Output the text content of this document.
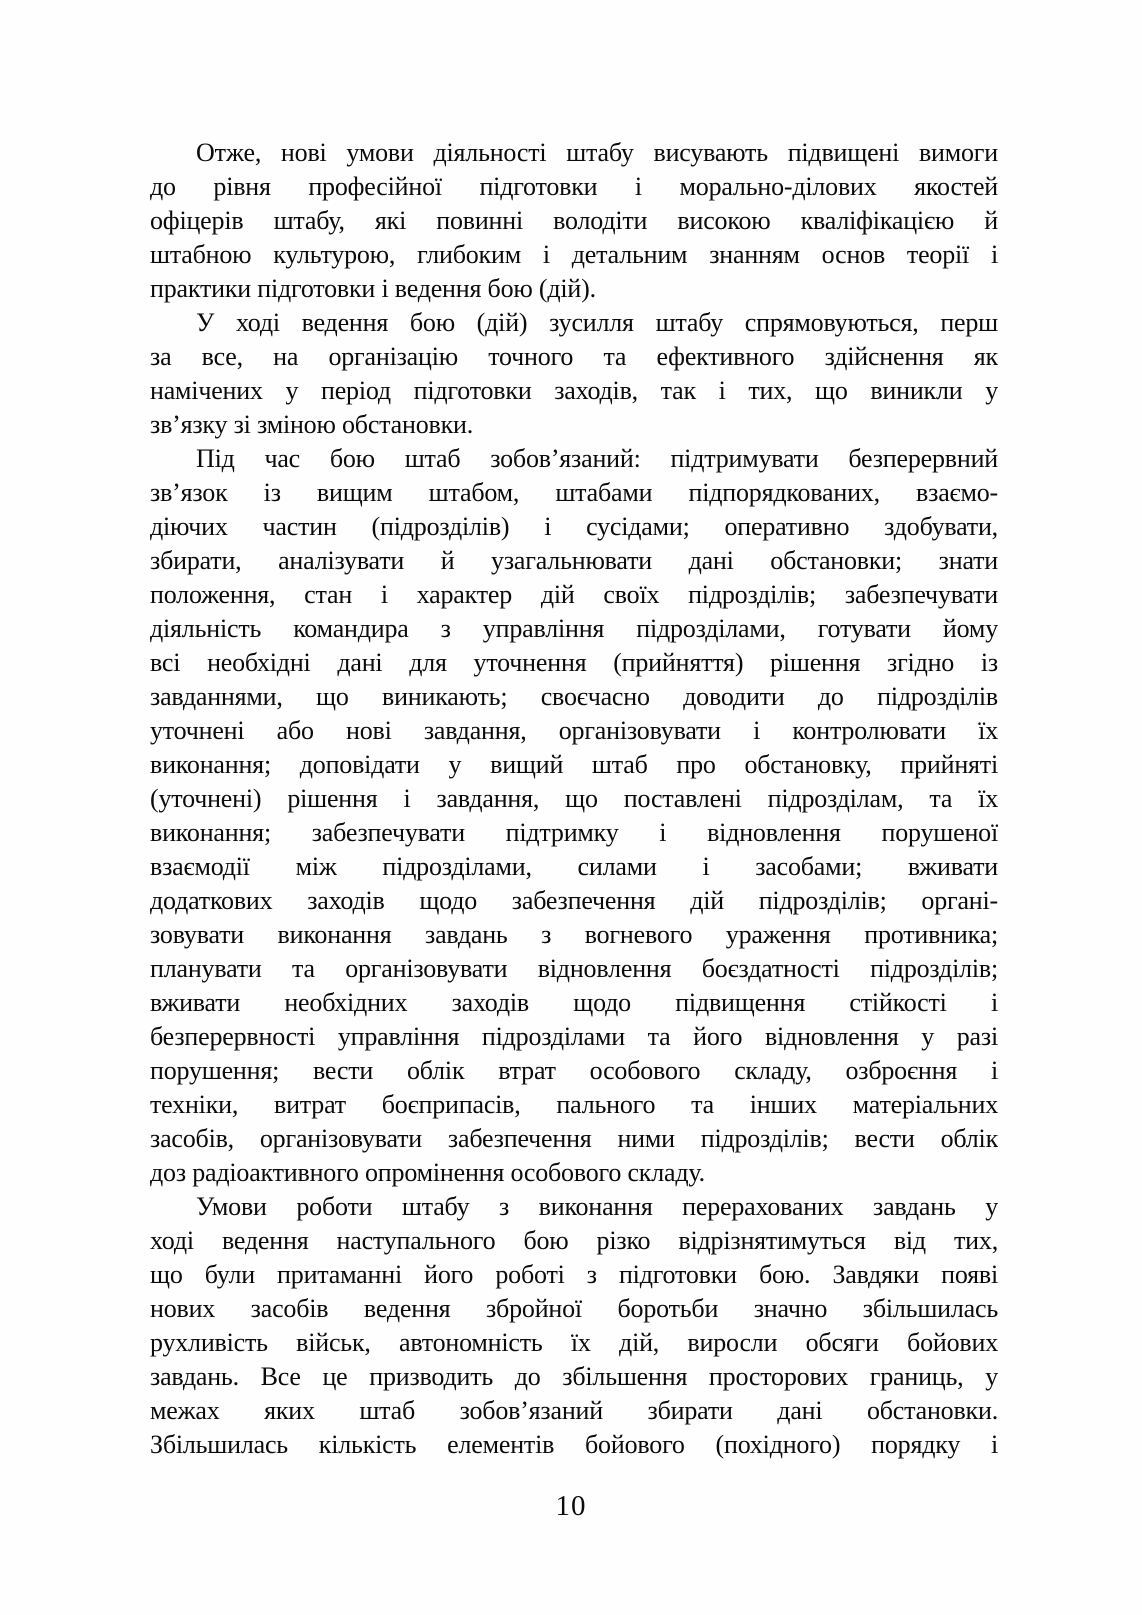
Отже, нові умови діяльності штабу висувають підвищені вимоги
до рівня професійної підготовки і морально-ділових якостей
офіцерів штабу, які повинні володіти високою кваліфікацією й
штабною культурою, глибоким і детальним знанням основ теорії і
практики підготовки і ведення бою (дій).
У ході ведення бою (дій) зусилля штабу спрямовуються, перш
за все, на організацію точного та ефективного здійснення як
намічених у період підготовки заходів, так і тих, що виникли у
зв’язку зі зміною обстановки.
Під час бою штаб зобов’язаний: підтримувати безперервний
зв’язок із вищим штабом, штабами підпорядкованих, взаємо-
діючих частин (підрозділів) і сусідами; оперативно здобувати,
збирати, аналізувати й узагальнювати дані обстановки; знати
положення, стан і характер дій своїх підрозділів; забезпечувати
діяльність командира з управління підрозділами, готувати йому
всі необхідні дані для уточнення (прийняття) рішення згідно із
завданнями, що виникають; своєчасно доводити до підрозділів
уточнені або нові завдання, організовувати і контролювати їх
виконання; доповідати у вищий штаб про обстановку, прийняті
(уточнені) рішення і завдання, що поставлені підрозділам, та їх
виконання; забезпечувати підтримку і відновлення порушеної
взаємодії між підрозділами, силами і засобами; вживати
додаткових заходів щодо забезпечення дій підрозділів; органі-
зовувати виконання завдань з вогневого ураження противника;
планувати та організовувати відновлення боєздатності підрозділів;
вживати необхідних заходів щодо підвищення стійкості і
безперервності управління підрозділами та його відновлення у разі
порушення; вести облік втрат особового складу, озброєння і
техніки, витрат боєприпасів, пального та інших матеріальних
засобів, організовувати забезпечення ними підрозділів; вести облік
доз радіоактивного опромінення особового складу.
Умови роботи штабу з виконання перерахованих завдань у
ході ведення наступального бою різко відрізнятимуться від тих,
що були притаманні його роботі з підготовки бою. Завдяки появі
нових засобів ведення збройної боротьби значно збільшилась
рухливість військ, автономність їх дій, виросли обсяги бойових
завдань. Все це призводить до збільшення просторових границь, у
межах яких штаб зобов’язаний збирати дані обстановки.
Збільшилась кількість елементів бойового (похідного) порядку і
10
